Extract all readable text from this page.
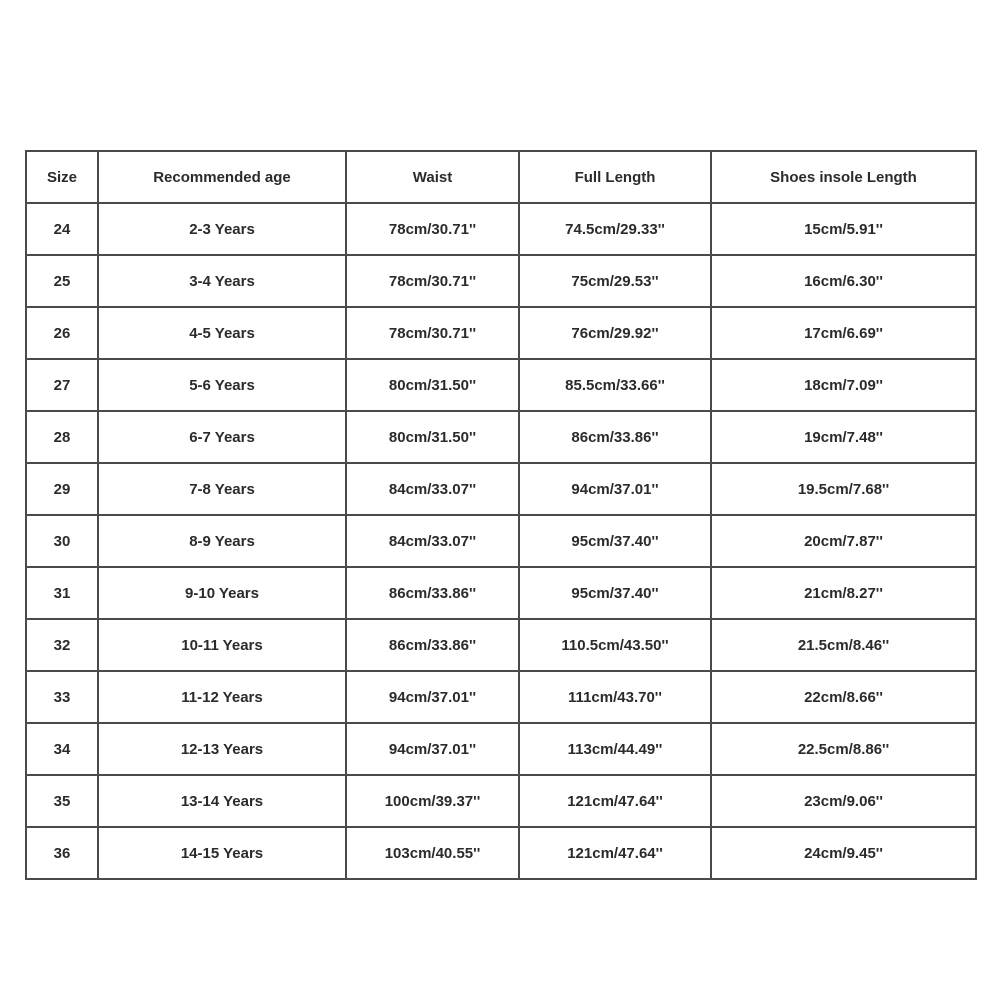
Size	Recommended age	Waist	Full Length	Shoes insole Length
24	2-3 Years	78cm/30.71''	74.5cm/29.33''	15cm/5.91''
25	3-4 Years	78cm/30.71''	75cm/29.53''	16cm/6.30''
26	4-5 Years	78cm/30.71''	76cm/29.92''	17cm/6.69''
27	5-6 Years	80cm/31.50''	85.5cm/33.66''	18cm/7.09''
28	6-7 Years	80cm/31.50''	86cm/33.86''	19cm/7.48''
29	7-8 Years	84cm/33.07''	94cm/37.01''	19.5cm/7.68''
30	8-9 Years	84cm/33.07''	95cm/37.40''	20cm/7.87''
31	9-10 Years	86cm/33.86''	95cm/37.40''	21cm/8.27''
32	10-11 Years	86cm/33.86''	110.5cm/43.50''	21.5cm/8.46''
33	11-12 Years	94cm/37.01''	111cm/43.70''	22cm/8.66''
34	12-13 Years	94cm/37.01''	113cm/44.49''	22.5cm/8.86''
35	13-14 Years	100cm/39.37''	121cm/47.64''	23cm/9.06''
36	14-15 Years	103cm/40.55''	121cm/47.64''	24cm/9.45''
